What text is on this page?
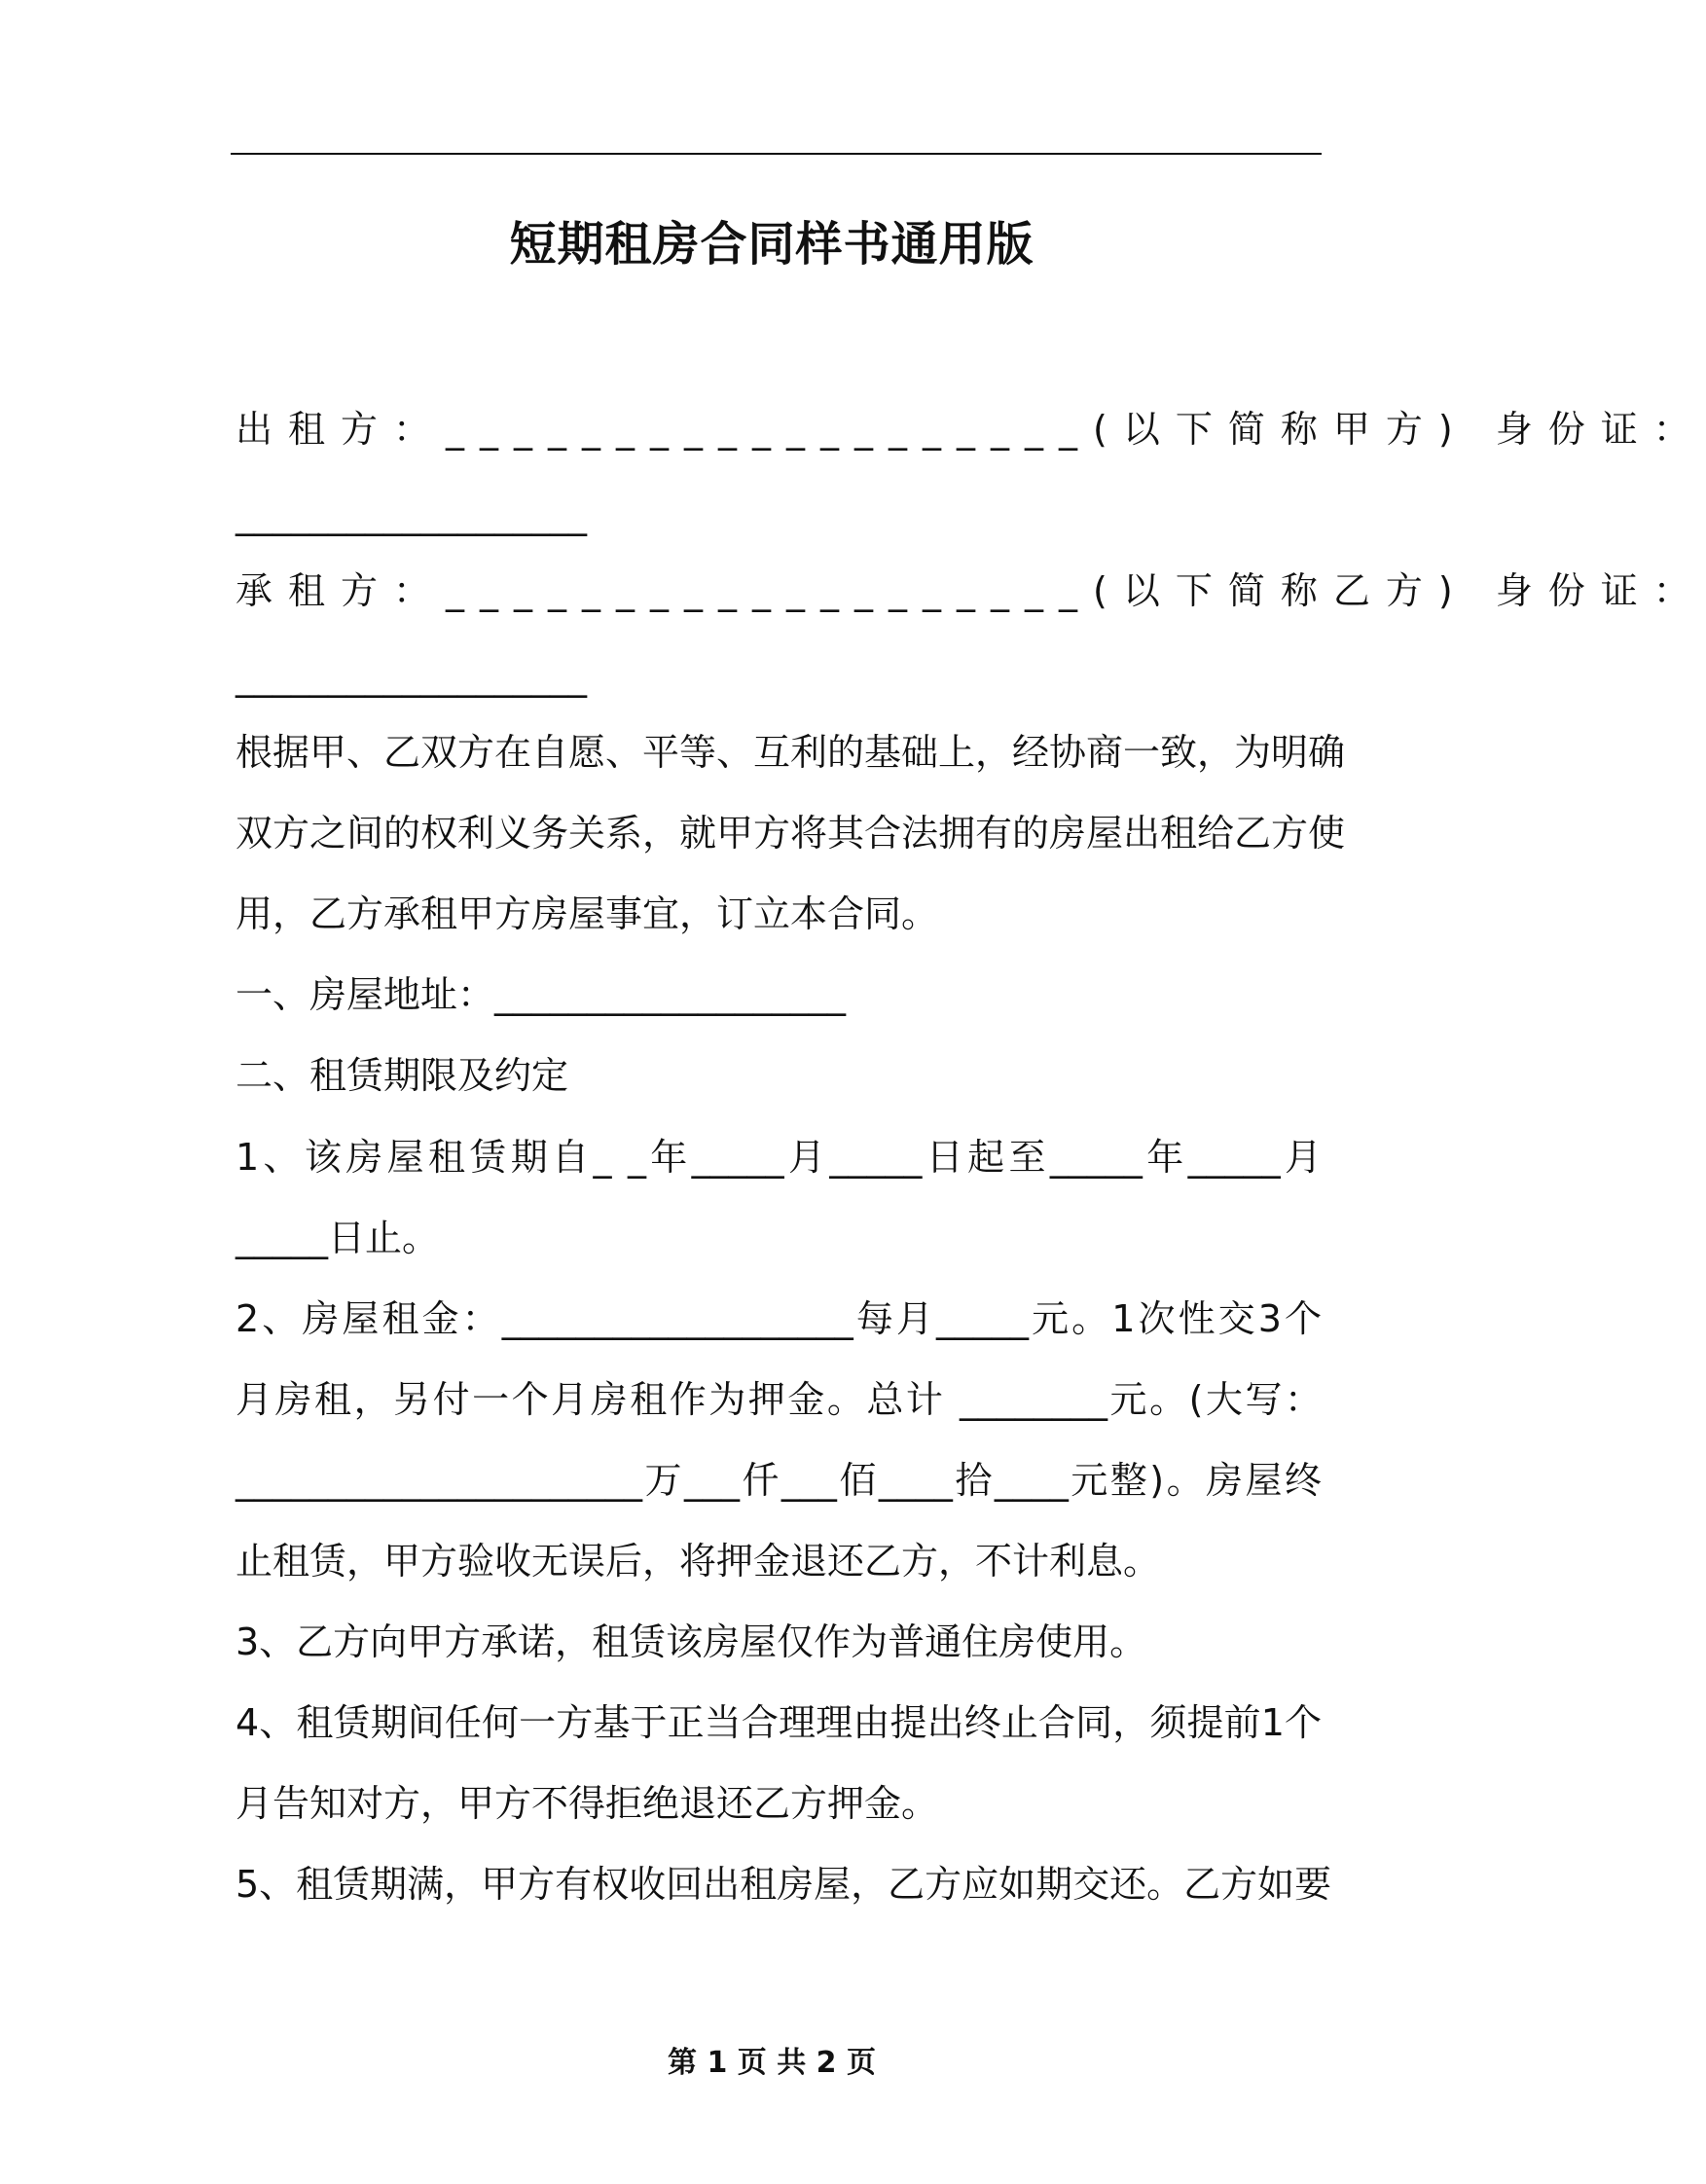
短期租房合同样书通用版
出租方：___________________(以下简称甲方) 身份证：
___________________
承租方：___________________(以下简称乙方) 身份证：
___________________
根据甲、乙双方在自愿、平等、互利的基础上，经协商一致，为明确
双方之间的权利义务关系，就甲方将其合法拥有的房屋出租给乙方使
用，乙方承租甲方房屋事宜，订立本合同。
一、房屋地址：___________________
二、租赁期限及约定
1、该房屋租赁期自_ _年_____月_____日起至_____年_____月
_____日止。
2、房屋租金：___________________每月_____元。1次性交3个
月房租，另付一个月房租作为押金。总计 ________元。(大写：
______________________万___仟___佰____拾____元整)。房屋终
止租赁，甲方验收无误后，将押金退还乙方，不计利息。
3、乙方向甲方承诺，租赁该房屋仅作为普通住房使用。
4、租赁期间任何一方基于正当合理理由提出终止合同，须提前1个
月告知对方，甲方不得拒绝退还乙方押金。
5、租赁期满，甲方有权收回出租房屋，乙方应如期交还。乙方如要
第 1 页 共 2 页
